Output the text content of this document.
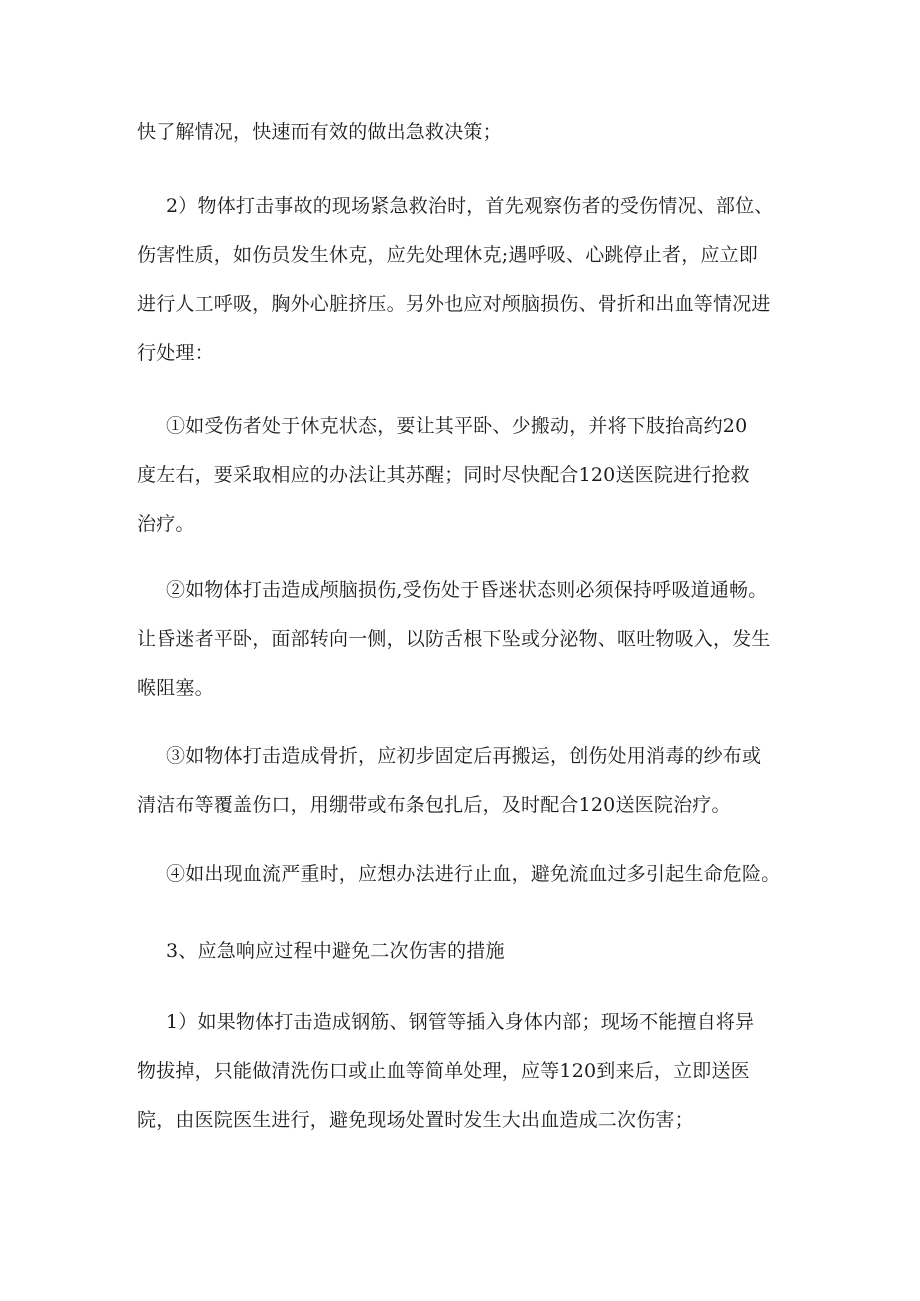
快了解情况，快速而有效的做出急救决策；
2）物体打击事故的现场紧急救治时，首先观察伤者的受伤情况、部位、
伤害性质，如伤员发生休克，应先处理休克;遇呼吸、心跳停止者，应立即
进行人工呼吸，胸外心脏挤压。另外也应对颅脑损伤、骨折和出血等情况进
行处理：
①如受伤者处于休克状态，要让其平卧、少搬动，并将下肢抬高约20
度左右，要采取相应的办法让其苏醒；同时尽快配合120送医院进行抢救
治疗。
②如物体打击造成颅脑损伤,受伤处于昏迷状态则必须保持呼吸道通畅。
让昏迷者平卧，面部转向一侧，以防舌根下坠或分泌物、呕吐物吸入，发生
喉阻塞。
③如物体打击造成骨折，应初步固定后再搬运，创伤处用消毒的纱布或
清洁布等覆盖伤口，用绷带或布条包扎后，及时配合120送医院治疗。
④如出现血流严重时，应想办法进行止血，避免流血过多引起生命危险。
3、应急响应过程中避免二次伤害的措施
1）如果物体打击造成钢筋、钢管等插入身体内部；现场不能擅自将异
物拔掉，只能做清洗伤口或止血等简单处理，应等120到来后，立即送医
院，由医院医生进行，避免现场处置时发生大出血造成二次伤害；
